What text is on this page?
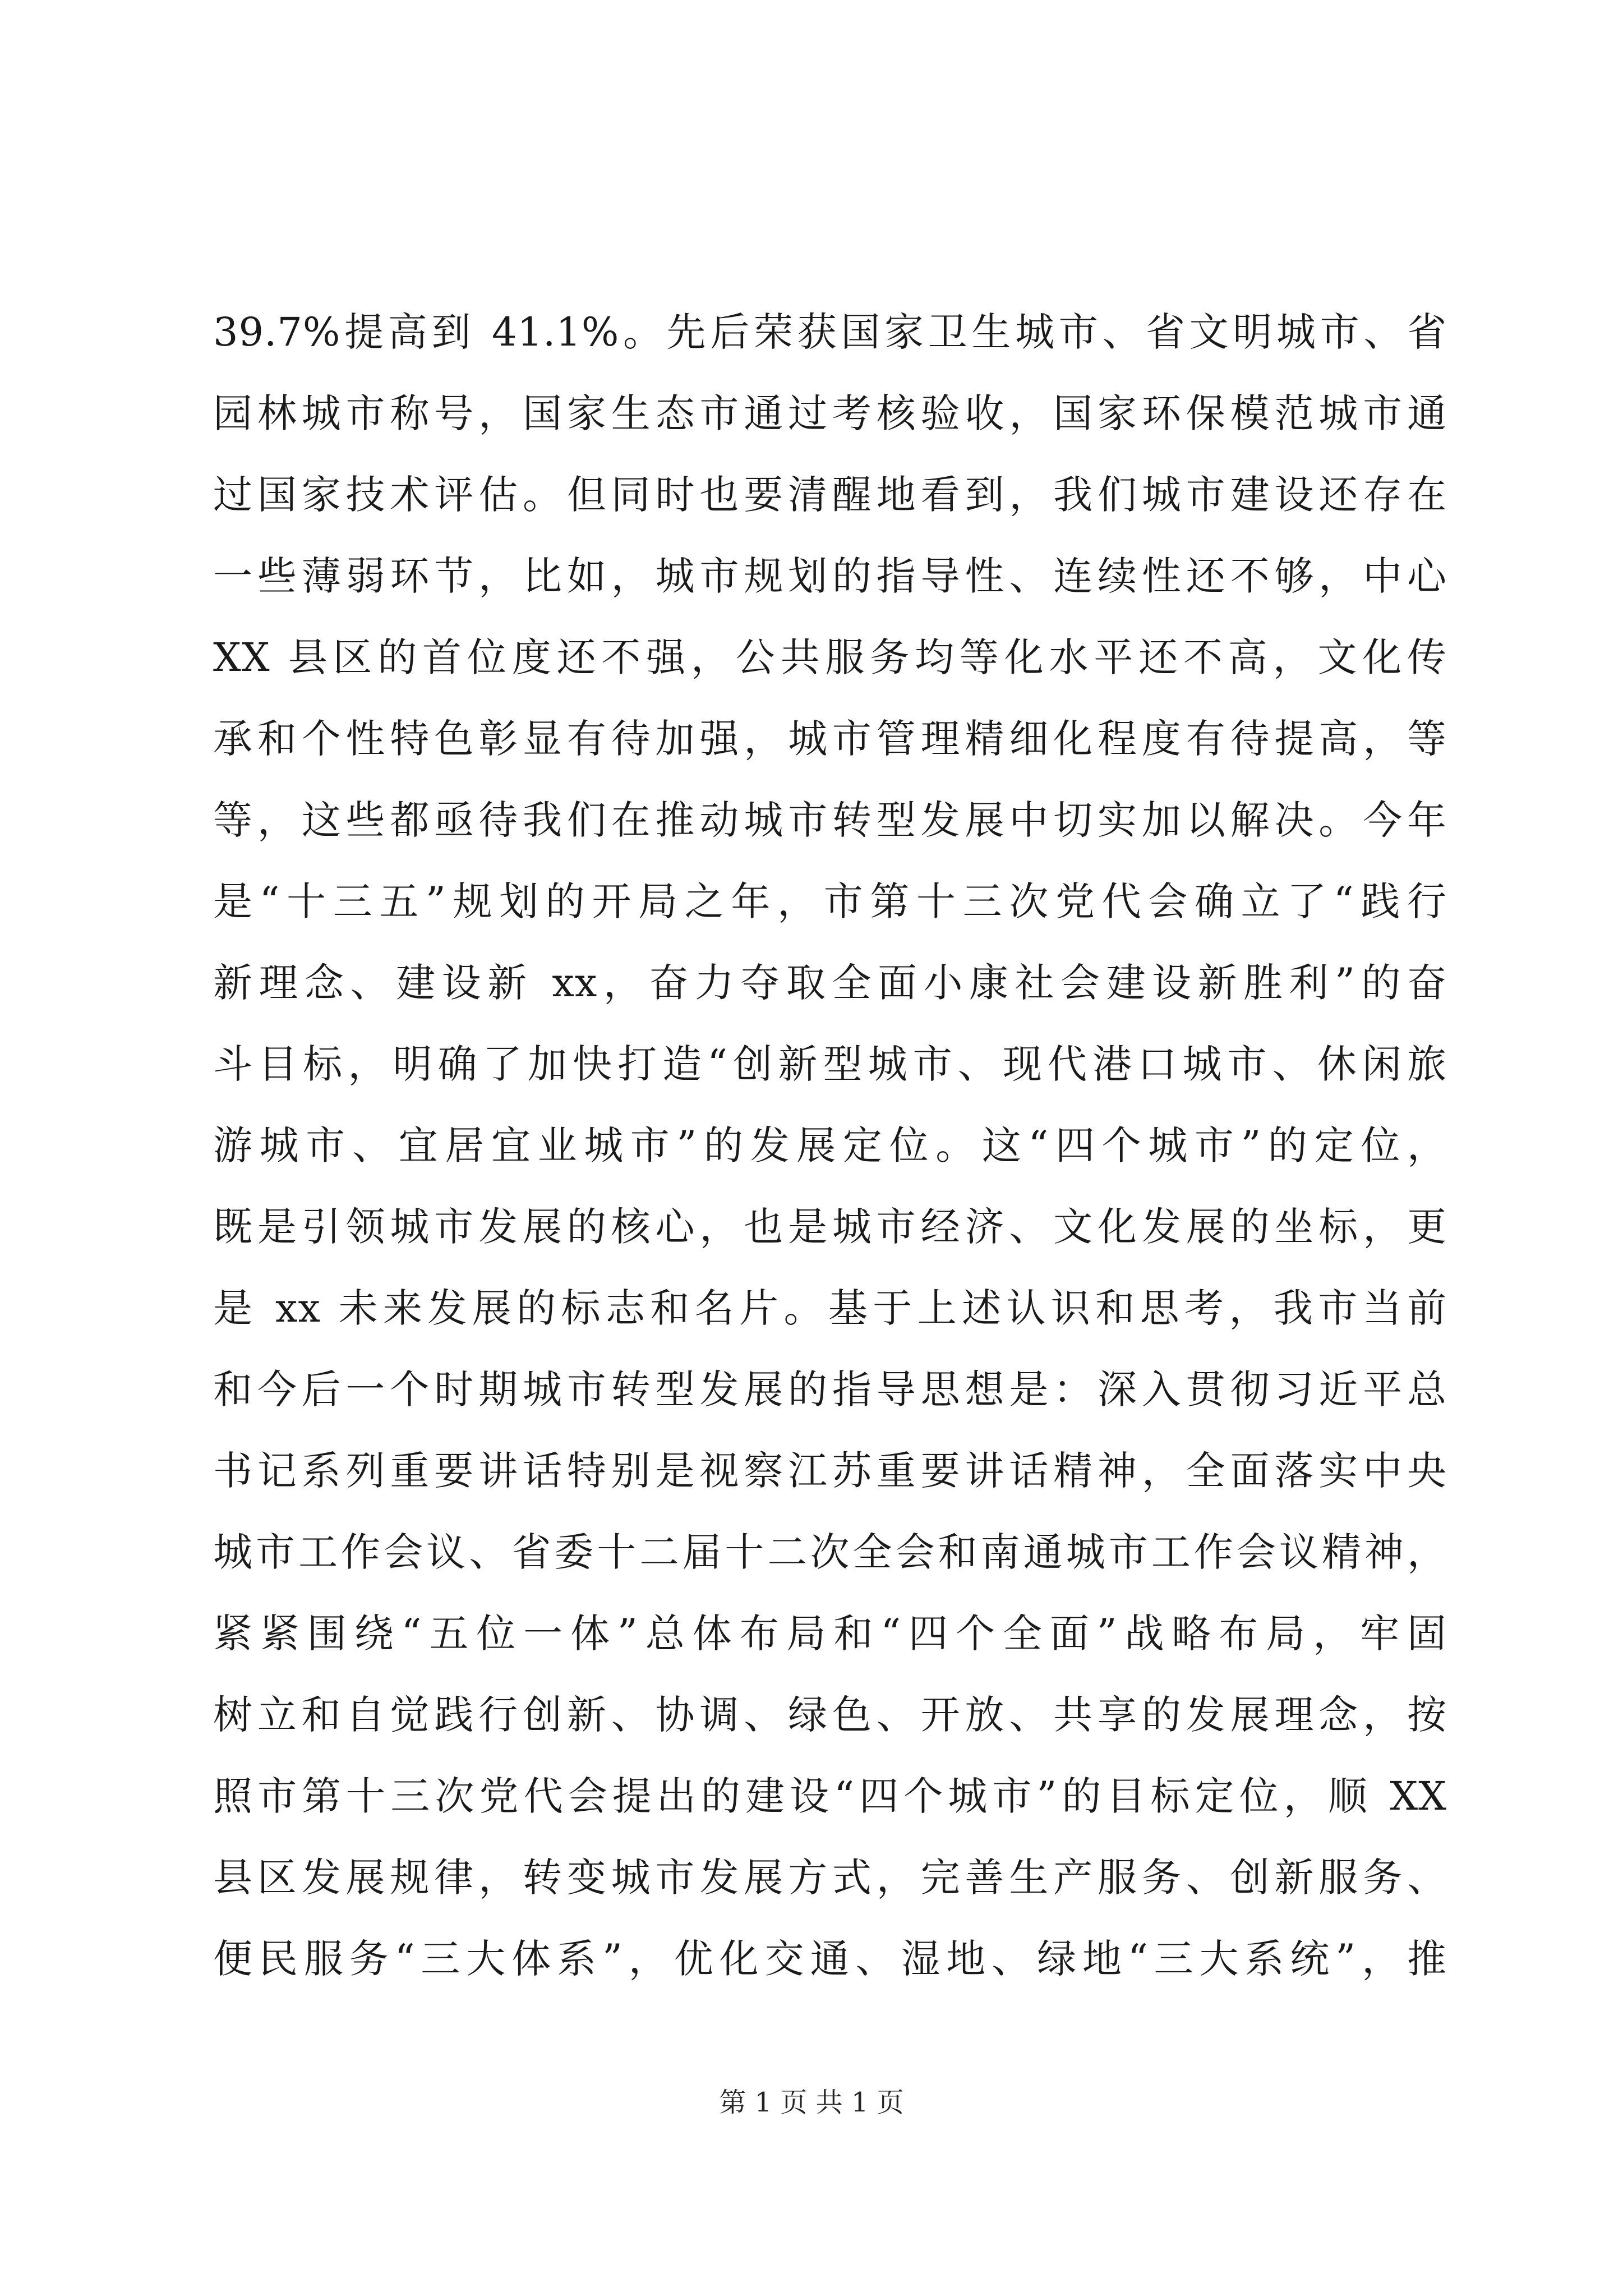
39.7%提高到 41.1%。先后荣获国家卫生城市、省文明城市、省
园林城市称号，国家生态市通过考核验收，国家环保模范城市通
过国家技术评估。但同时也要清醒地看到，我们城市建设还存在
一些薄弱环节，比如，城市规划的指导性、连续性还不够，中心
XX 县区的首位度还不强，公共服务均等化水平还不高，文化传
承和个性特色彰显有待加强，城市管理精细化程度有待提高，等
等，这些都亟待我们在推动城市转型发展中切实加以解决。今年
是“十三五”规划的开局之年，市第十三次党代会确立了“践行
新理念、建设新 xx，奋力夺取全面小康社会建设新胜利”的奋
斗目标，明确了加快打造“创新型城市、现代港口城市、休闲旅
游城市、宜居宜业城市”的发展定位。这“四个城市”的定位，
既是引领城市发展的核心，也是城市经济、文化发展的坐标，更
是 xx 未来发展的标志和名片。基于上述认识和思考，我市当前
和今后一个时期城市转型发展的指导思想是：深入贯彻习近平总
书记系列重要讲话特别是视察江苏重要讲话精神，全面落实中央
城市工作会议、省委十二届十二次全会和南通城市工作会议精神，
紧紧围绕“五位一体”总体布局和“四个全面”战略布局，牢固
树立和自觉践行创新、协调、绿色、开放、共享的发展理念，按
照市第十三次党代会提出的建设“四个城市”的目标定位，顺 XX
县区发展规律，转变城市发展方式，完善生产服务、创新服务、
便民服务“三大体系”，优化交通、湿地、绿地“三大系统”，推
第 1 页 共 1 页
